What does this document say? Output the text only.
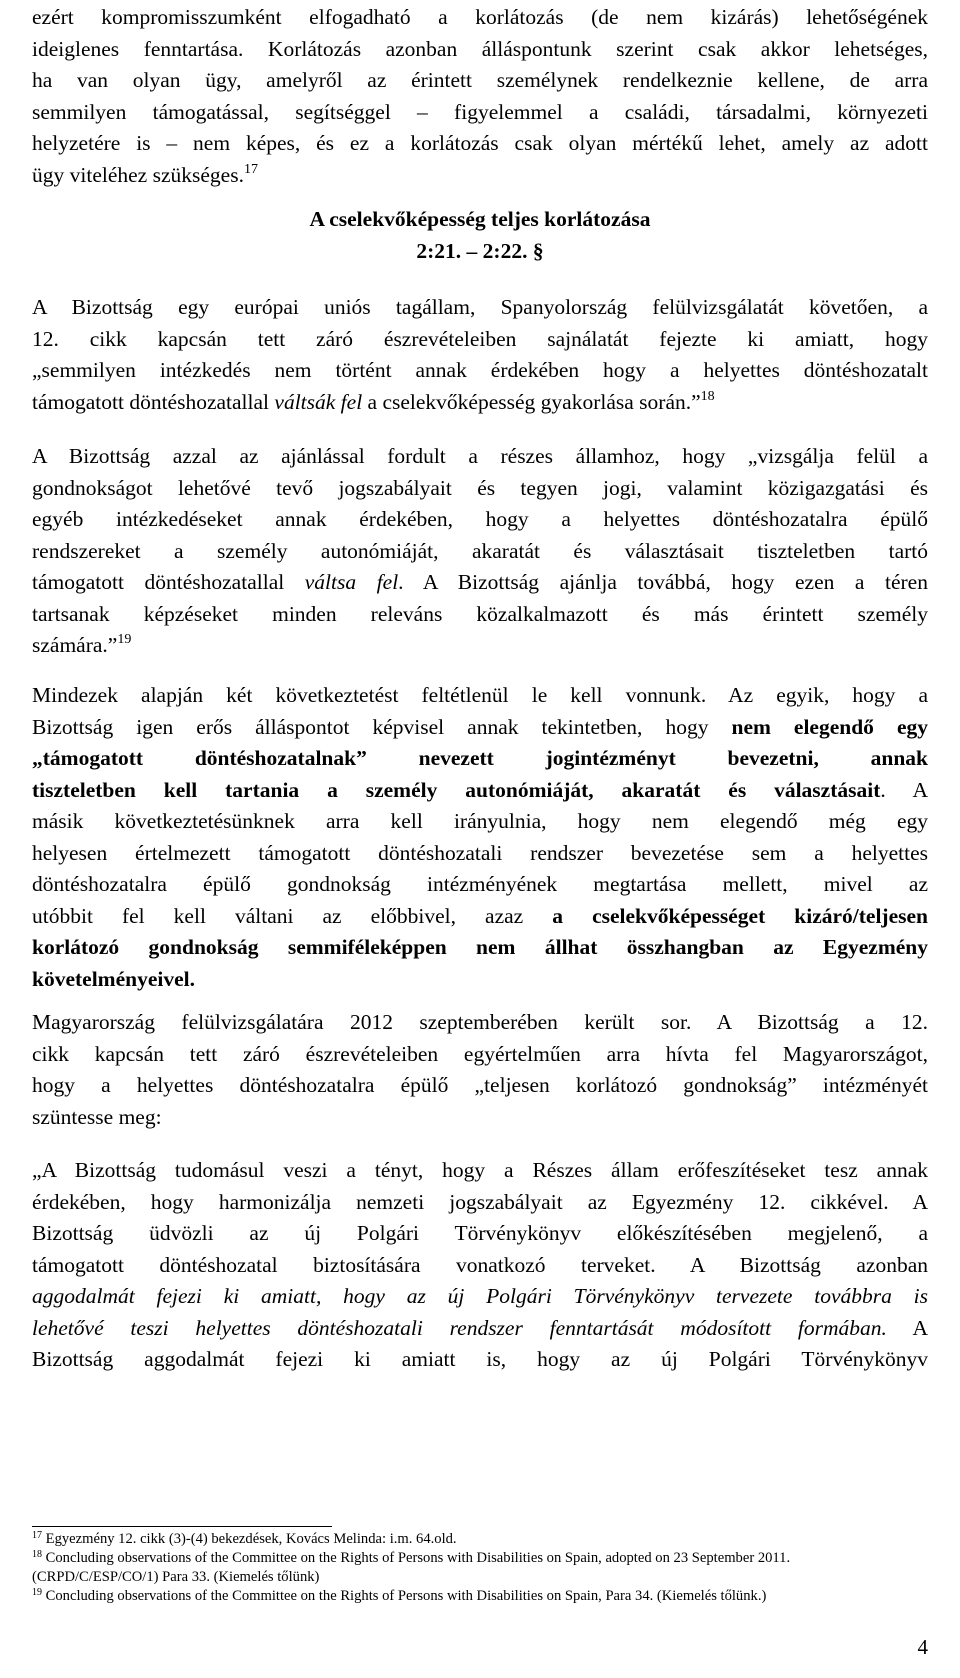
ezért kompromisszumként elfogadható a korlátozás (de nem kizárás) lehetőségének
ideiglenes fenntartása. Korlátozás azonban álláspontunk szerint csak akkor lehetséges,
ha van olyan ügy, amelyről az érintett személynek rendelkeznie kellene, de arra
semmilyen támogatással, segítséggel – figyelemmel a családi, társadalmi, környezeti
helyzetére is – nem képes, és ez a korlátozás csak olyan mértékű lehet, amely az adott
ügy viteléhez szükséges.$^{17}$
A cselekvőképesség teljes korlátozása
2:21. – 2:22. §
A Bizottság egy európai uniós tagállam, Spanyolország felülvizsgálatát követően, a
12. cikk kapcsán tett záró észrevételeiben sajnálatát fejezte ki amiatt, hogy
„semmilyen intézkedés nem történt annak érdekében hogy a helyettes döntéshozatalt
támogatott döntéshozatallal váltsák fel a cselekvőképesség gyakorlása során.”$^{18}$
A Bizottság azzal az ajánlással fordult a részes államhoz, hogy „vizsgálja felül a
gondnokságot lehetővé tevő jogszabályait és tegyen jogi, valamint közigazgatási és
egyéb intézkedéseket annak érdekében, hogy a helyettes döntéshozatalra épülő
rendszereket a személy autonómiáját, akaratát és választásait tiszteletben tartó
támogatott döntéshozatallal váltsa fel. A Bizottság ajánlja továbbá, hogy ezen a téren
tartsanak képzéseket minden releváns közalkalmazott és más érintett személy
számára.”$^{19}$
Mindezek alapján két következtetést feltétlenül le kell vonnunk. Az egyik, hogy a
Bizottság igen erős álláspontot képvisel annak tekintetben, hogy nem elegendő egy
„támogatott döntéshozatalnak” nevezett jogintézményt bevezetni, annak
tiszteletben kell tartania a személy autonómiáját, akaratát és választásait. A
másik következtetésünknek arra kell irányulnia, hogy nem elegendő még egy
helyesen értelmezett támogatott döntéshozatali rendszer bevezetése sem a helyettes
döntéshozatalra épülő gondnokság intézményének megtartása mellett, mivel az
utóbbit fel kell váltani az előbbivel, azaz a cselekvőképességet kizáró/teljesen
korlátozó gondnokság semmiféleképpen nem állhat összhangban az Egyezmény
követelményeivel.
Magyarország felülvizsgálatára 2012 szeptemberében került sor. A Bizottság a 12.
cikk kapcsán tett záró észrevételeiben egyértelműen arra hívta fel Magyarországot,
hogy a helyettes döntéshozatalra épülő „teljesen korlátozó gondnokság” intézményét
szüntesse meg:
„A Bizottság tudomásul veszi a tényt, hogy a Részes állam erőfeszítéseket tesz annak
érdekében, hogy harmonizálja nemzeti jogszabályait az Egyezmény 12. cikkével. A
Bizottság üdvözli az új Polgári Törvénykönyv előkészítésében megjelenő, a
támogatott döntéshozatal biztosítására vonatkozó terveket. A Bizottság azonban
aggodalmát fejezi ki amiatt, hogy az új Polgári Törvénykönyv tervezete továbbra is
lehetővé teszi helyettes döntéshozatali rendszer fenntartását módosított formában. A
Bizottság aggodalmát fejezi ki amiatt is, hogy az új Polgári Törvénykönyv
$^{17}$ Egyezmény 12. cikk (3)-(4) bekezdések, Kovács Melinda: i.m. 64.old.
$^{18}$ Concluding observations of the Committee on the Rights of Persons with Disabilities on Spain, adopted on 23 September 2011.
(CRPD/C/ESP/CO/1) Para 33. (Kiemelés tőlünk)
$^{19}$ Concluding observations of the Committee on the Rights of Persons with Disabilities on Spain, Para 34. (Kiemelés tőlünk.)
4
